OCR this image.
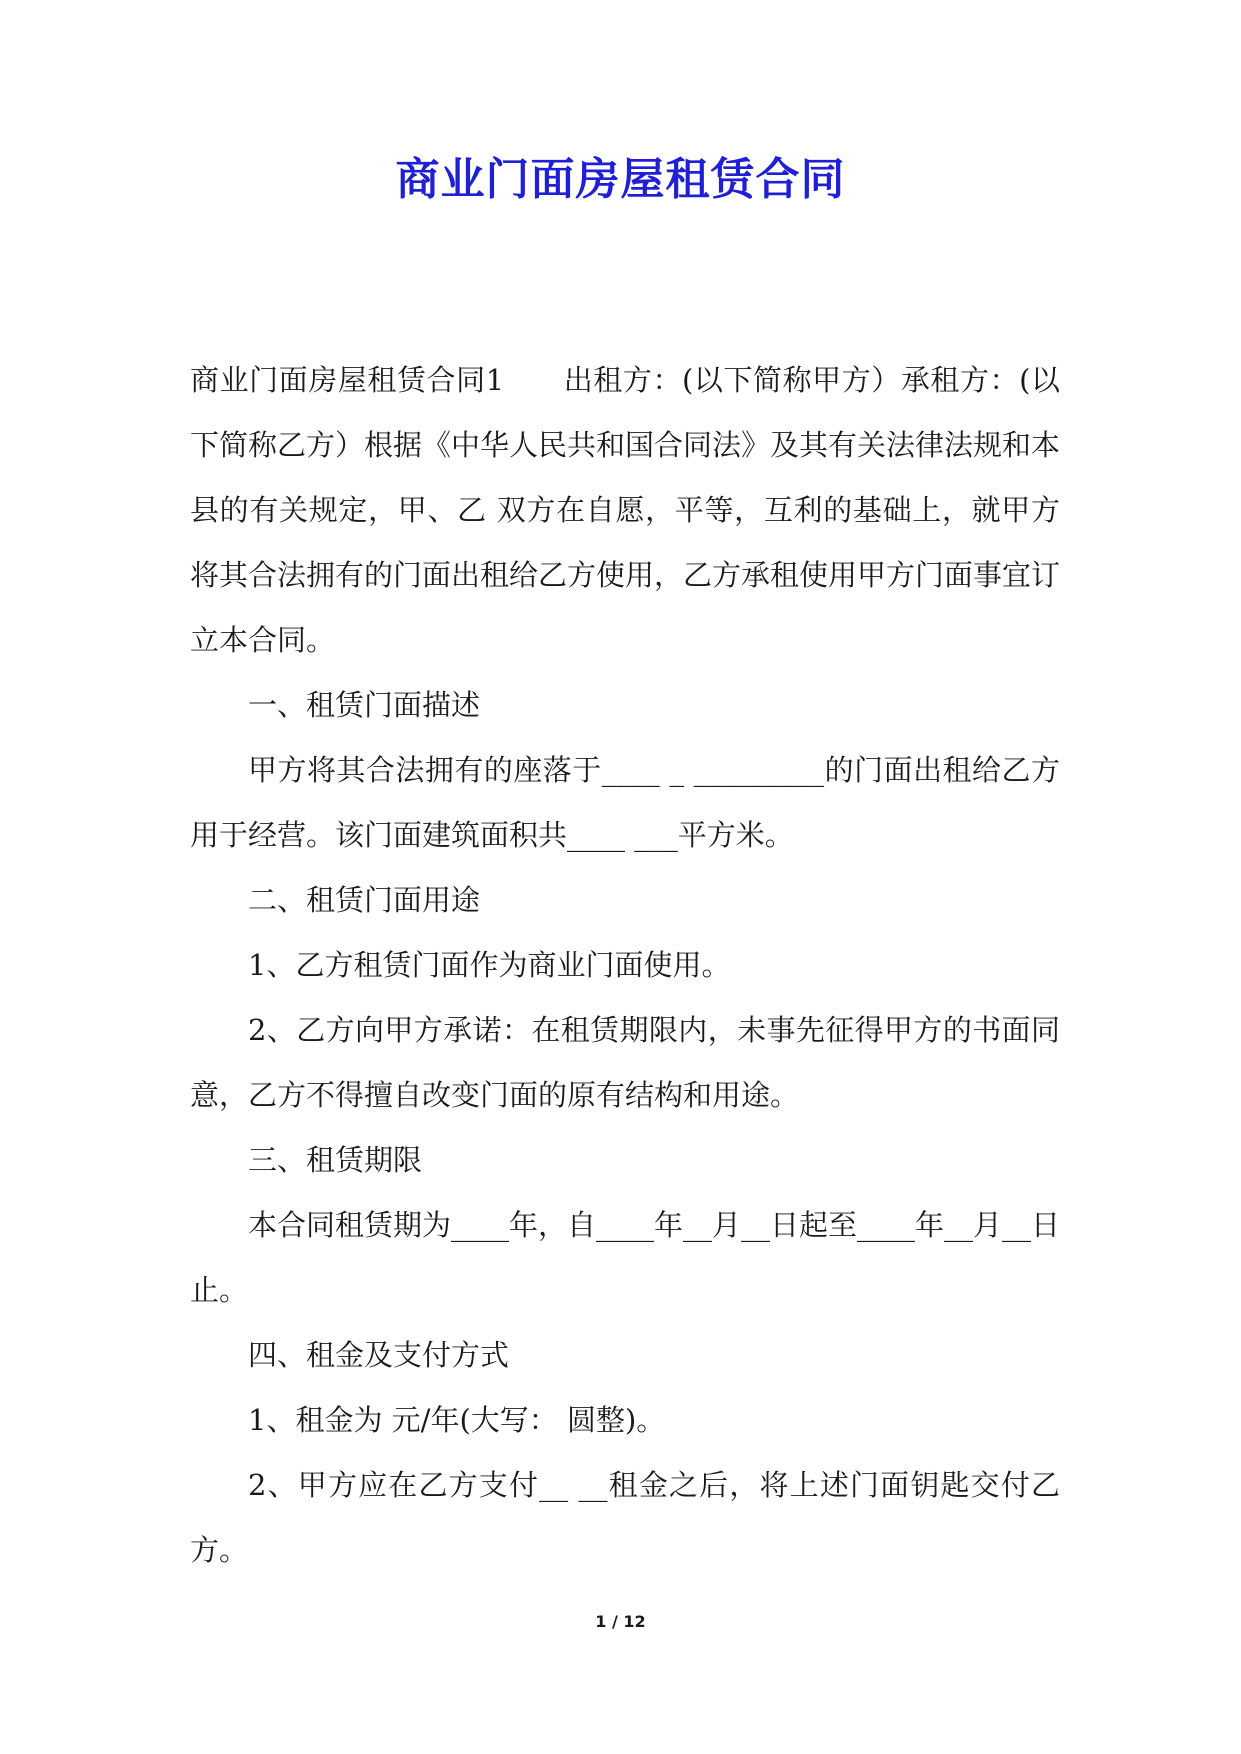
商业门面房屋租赁合同

商业门面房屋租赁合同1　　出租方：(以下简称甲方）承租方：(以下简称乙方）根据《中华人民共和国合同法》及其有关法律法规和本县的有关规定，甲、乙 双方在自愿，平等，互利的基础上，就甲方将其合法拥有的门面出租给乙方使用，乙方承租使用甲方门面事宜订立本合同。

一、租赁门面描述

甲方将其合法拥有的座落于____ _ _________的门面出租给乙方用于经营。该门面建筑面积共____ ___平方米。

二、租赁门面用途

1、乙方租赁门面作为商业门面使用。

2、乙方向甲方承诺：在租赁期限内，未事先征得甲方的书面同意，乙方不得擅自改变门面的原有结构和用途。

三、租赁期限

本合同租赁期为____年，自____年__月__日起至____年__月__日止。

四、租金及支付方式

1、租金为 元/年(大写： 圆整)。

2、甲方应在乙方支付__ __租金之后，将上述门面钥匙交付乙方。

1 / 12
